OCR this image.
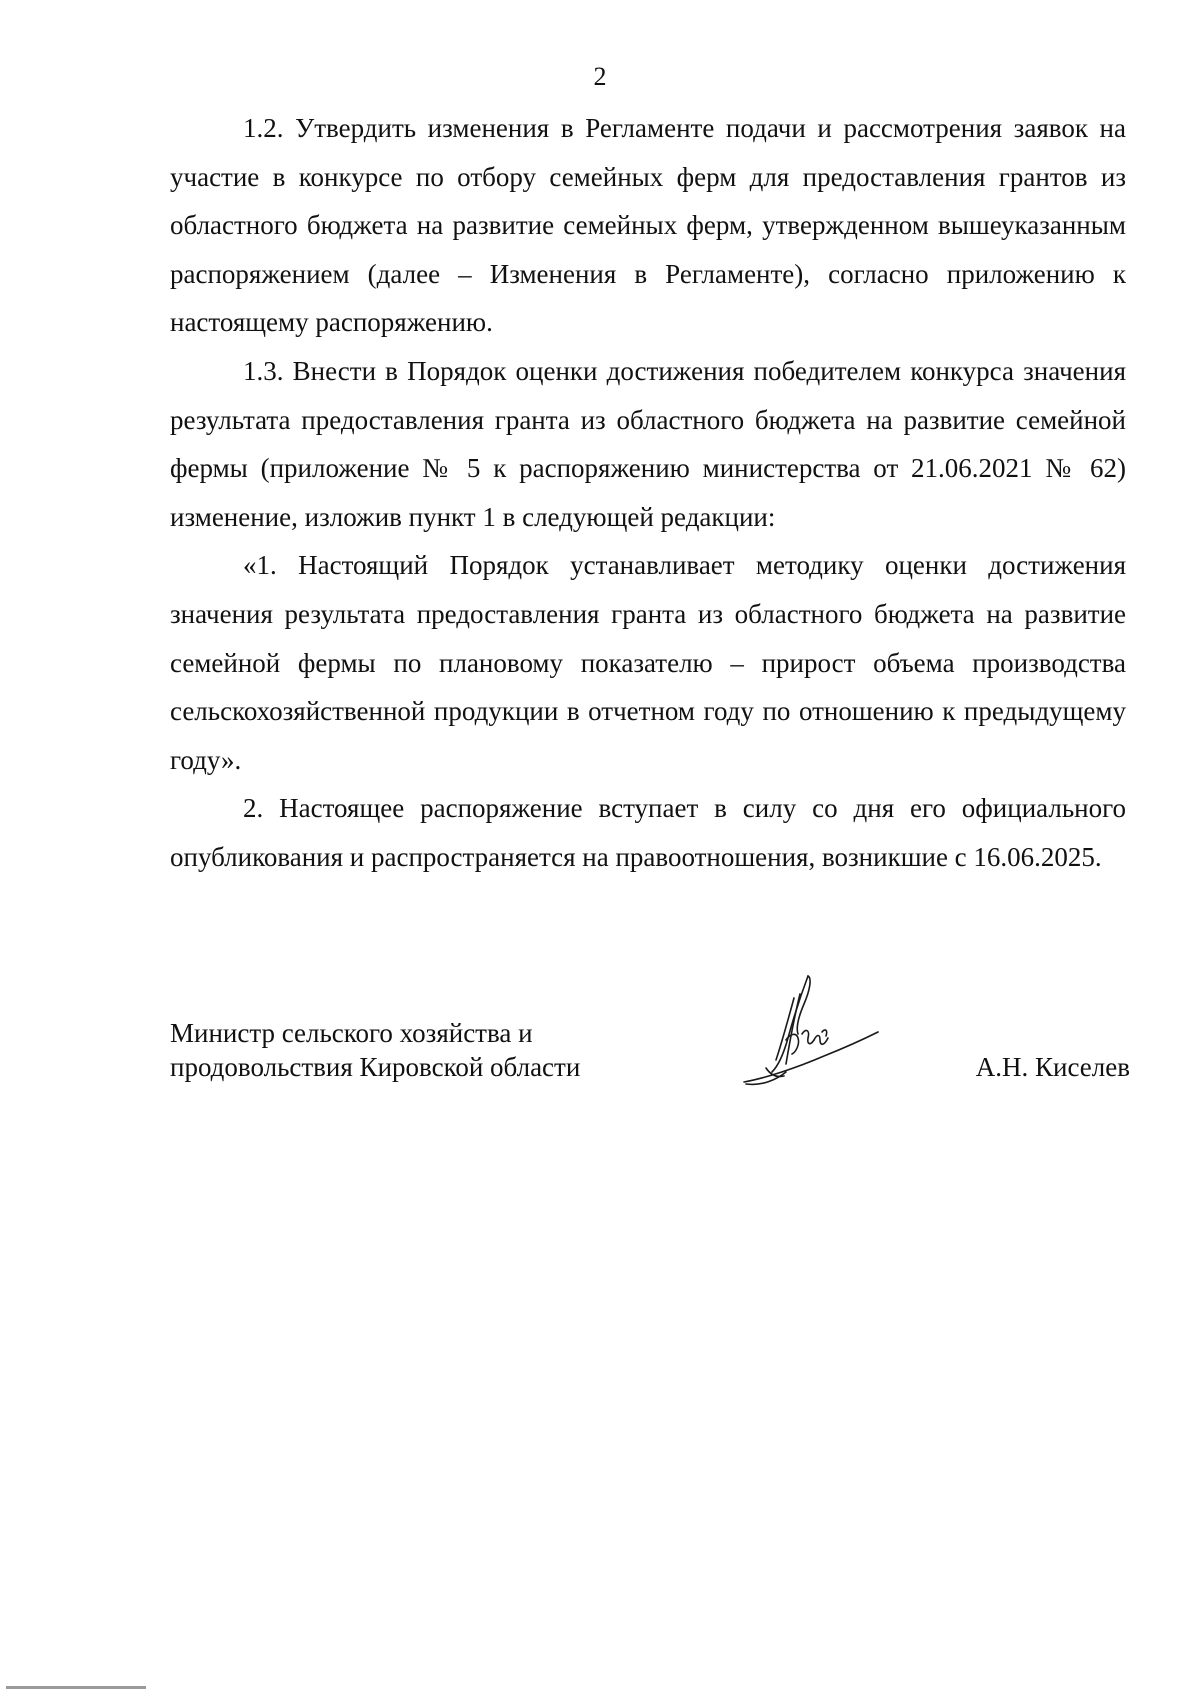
2

1.2. Утвердить изменения в Регламенте подачи и рассмотрения заявок на участие в конкурсе по отбору семейных ферм для предоставления грантов из областного бюджета на развитие семейных ферм, утвержденном вышеуказанным распоряжением (далее – Изменения в Регламенте), согласно приложению к настоящему распоряжению.

1.3. Внести в Порядок оценки достижения победителем конкурса значения результата предоставления гранта из областного бюджета на развитие семейной фермы (приложение № 5 к распоряжению министерства от 21.06.2021 № 62) изменение, изложив пункт 1 в следующей редакции:

«1. Настоящий Порядок устанавливает методику оценки достижения значения результата предоставления гранта из областного бюджета на развитие семейной фермы по плановому показателю – прирост объема производства сельскохозяйственной продукции в отчетном году по отношению к предыдущему году».

2. Настоящее распоряжение вступает в силу со дня его официального опубликования и распространяется на правоотношения, возникшие с 16.06.2025.

Министр сельского хозяйства и
продовольствия Кировской области	А.Н. Киселев
